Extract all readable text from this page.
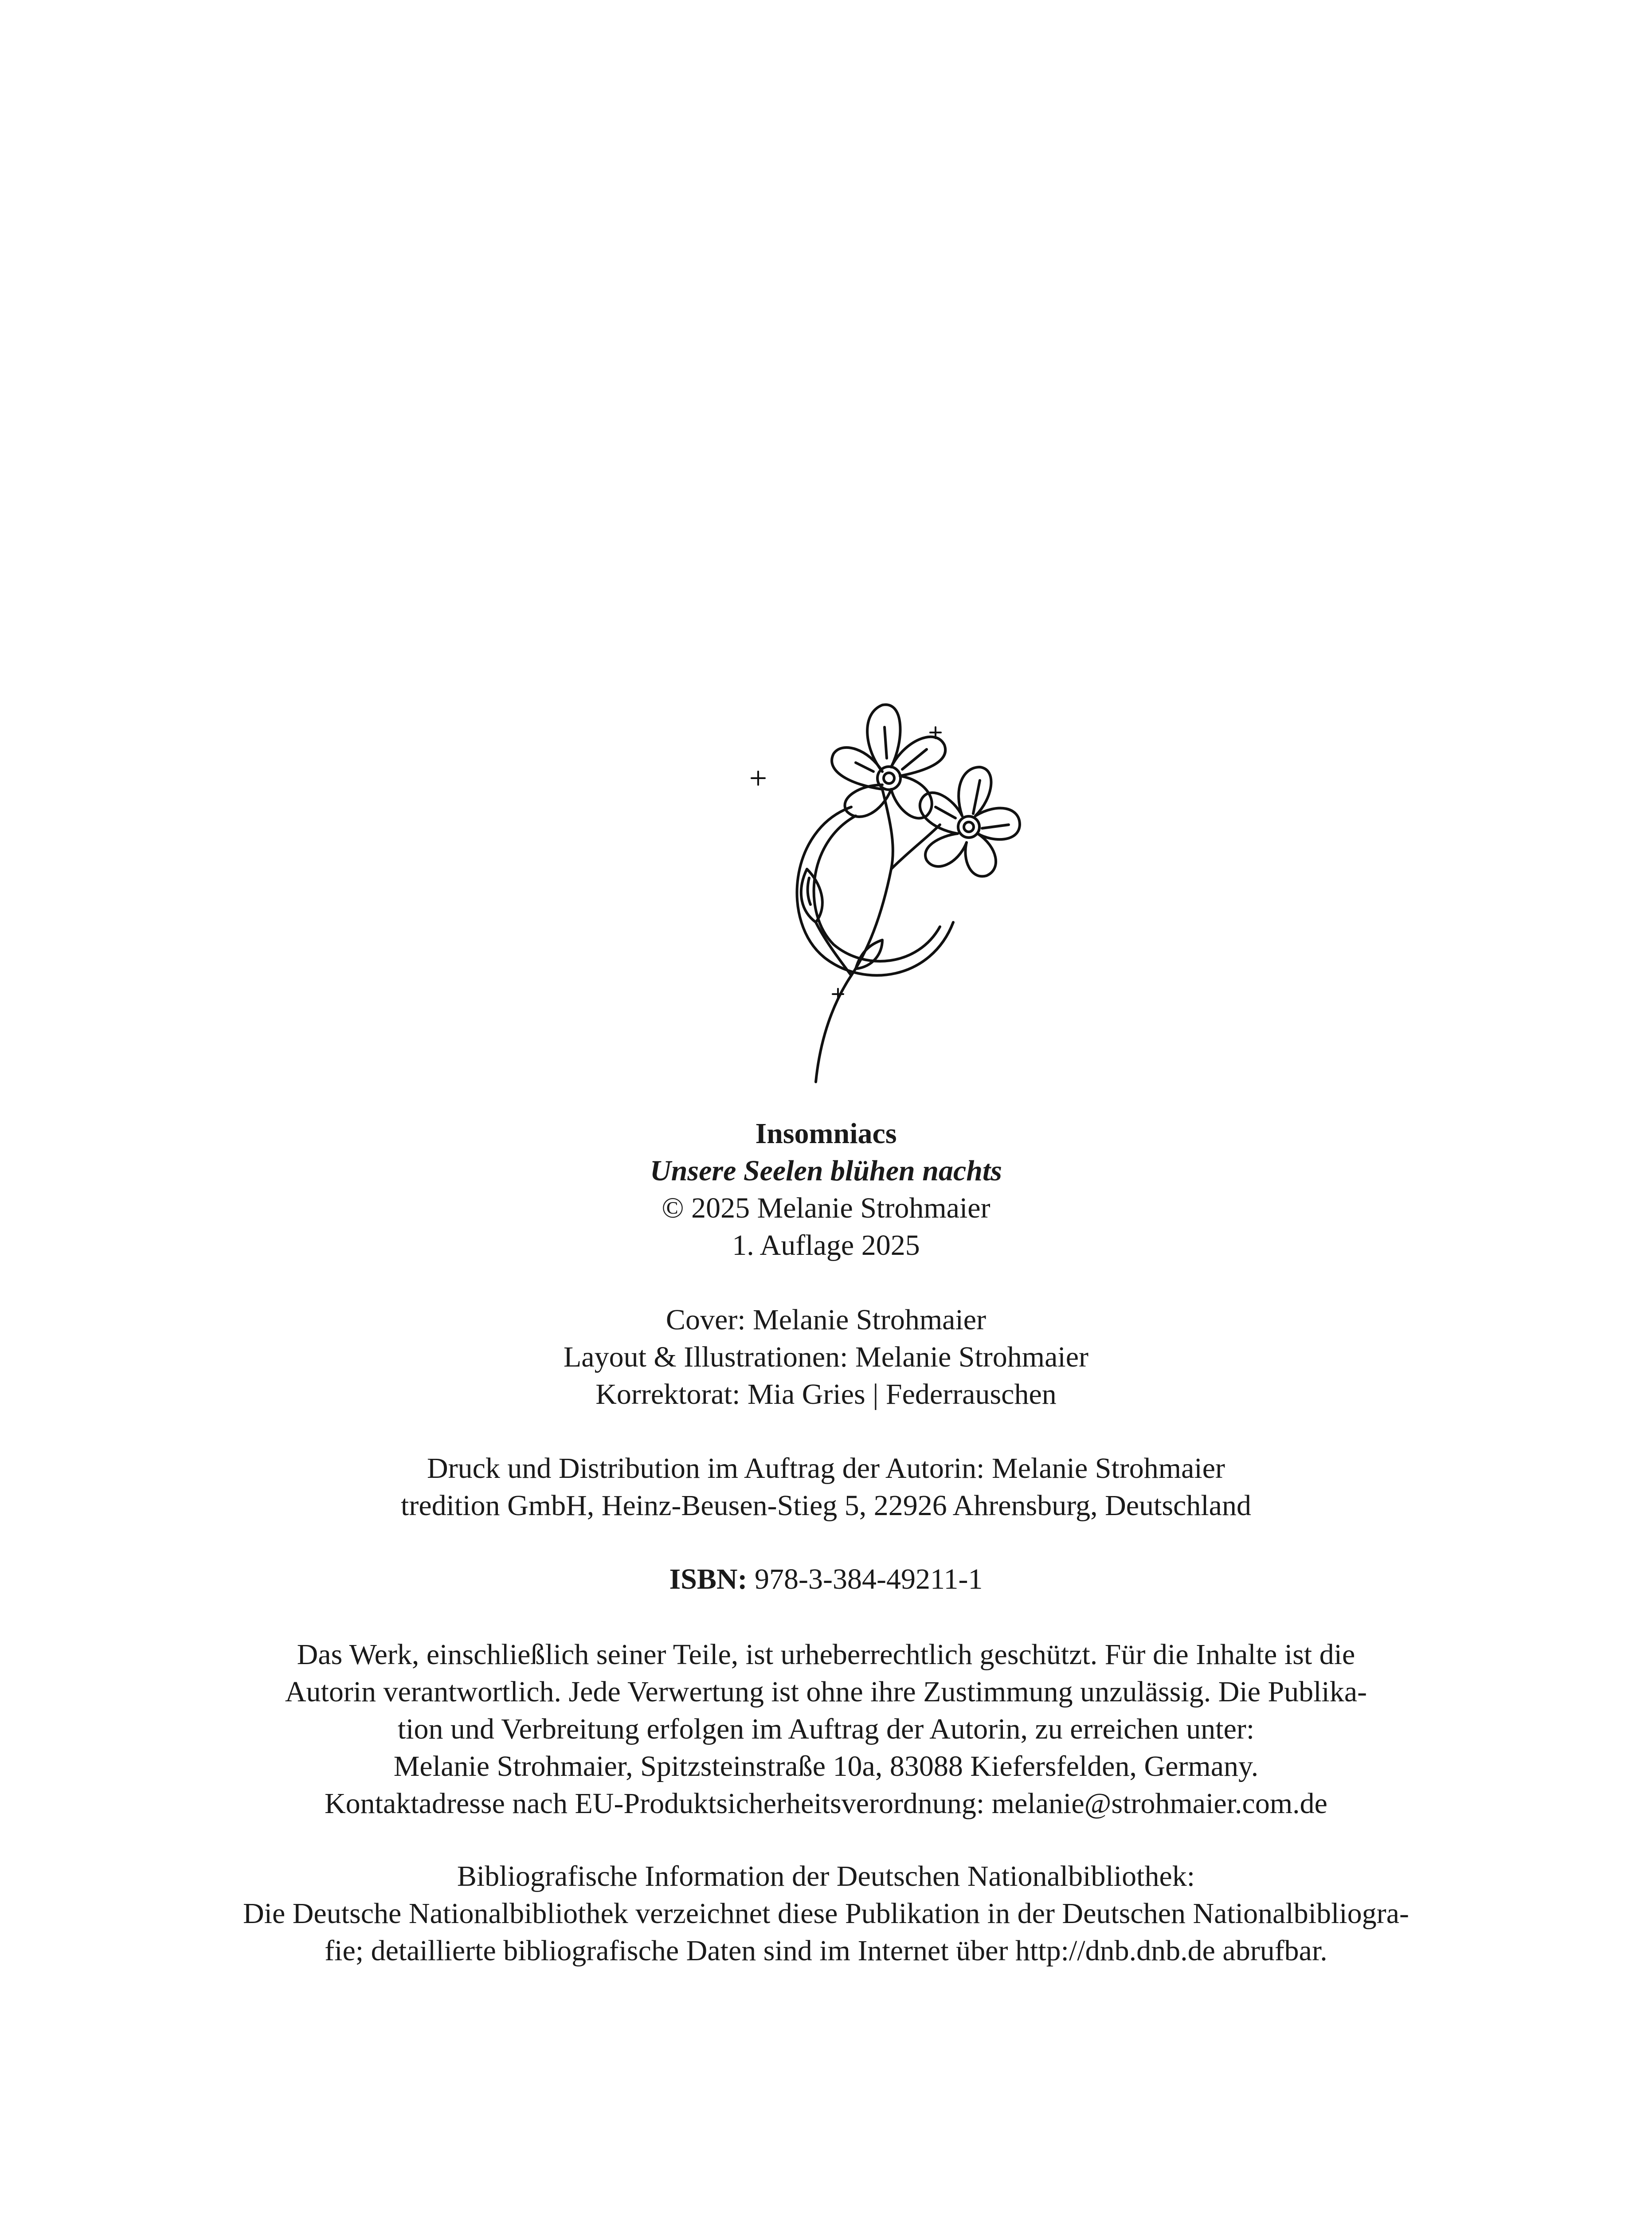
Insomniacs
Unsere Seelen blühen nachts
© 2025 Melanie Strohmaier
1. Auflage 2025
Cover: Melanie Strohmaier
Layout & Illustrationen: Melanie Strohmaier
Korrektorat: Mia Gries | Federrauschen
Druck und Distribution im Auftrag der Autorin: Melanie Strohmaier
tredition GmbH, Heinz-Beusen-Stieg 5, 22926 Ahrensburg, Deutschland
ISBN: 978-3-384-49211-1
Das Werk, einschließlich seiner Teile, ist urheberrechtlich geschützt. Für die Inhalte ist die
Autorin verantwortlich. Jede Verwertung ist ohne ihre Zustimmung unzulässig. Die Publika-
tion und Verbreitung erfolgen im Auftrag der Autorin, zu erreichen unter:
Melanie Strohmaier, Spitzsteinstraße 10a, 83088 Kiefersfelden, Germany.
Kontaktadresse nach EU-Produktsicherheitsverordnung: melanie@strohmaier.com.de
Bibliografische Information der Deutschen Nationalbibliothek:
Die Deutsche Nationalbibliothek verzeichnet diese Publikation in der Deutschen Nationalbibliogra-
fie; detaillierte bibliografische Daten sind im Internet über http://dnb.dnb.de abrufbar.
